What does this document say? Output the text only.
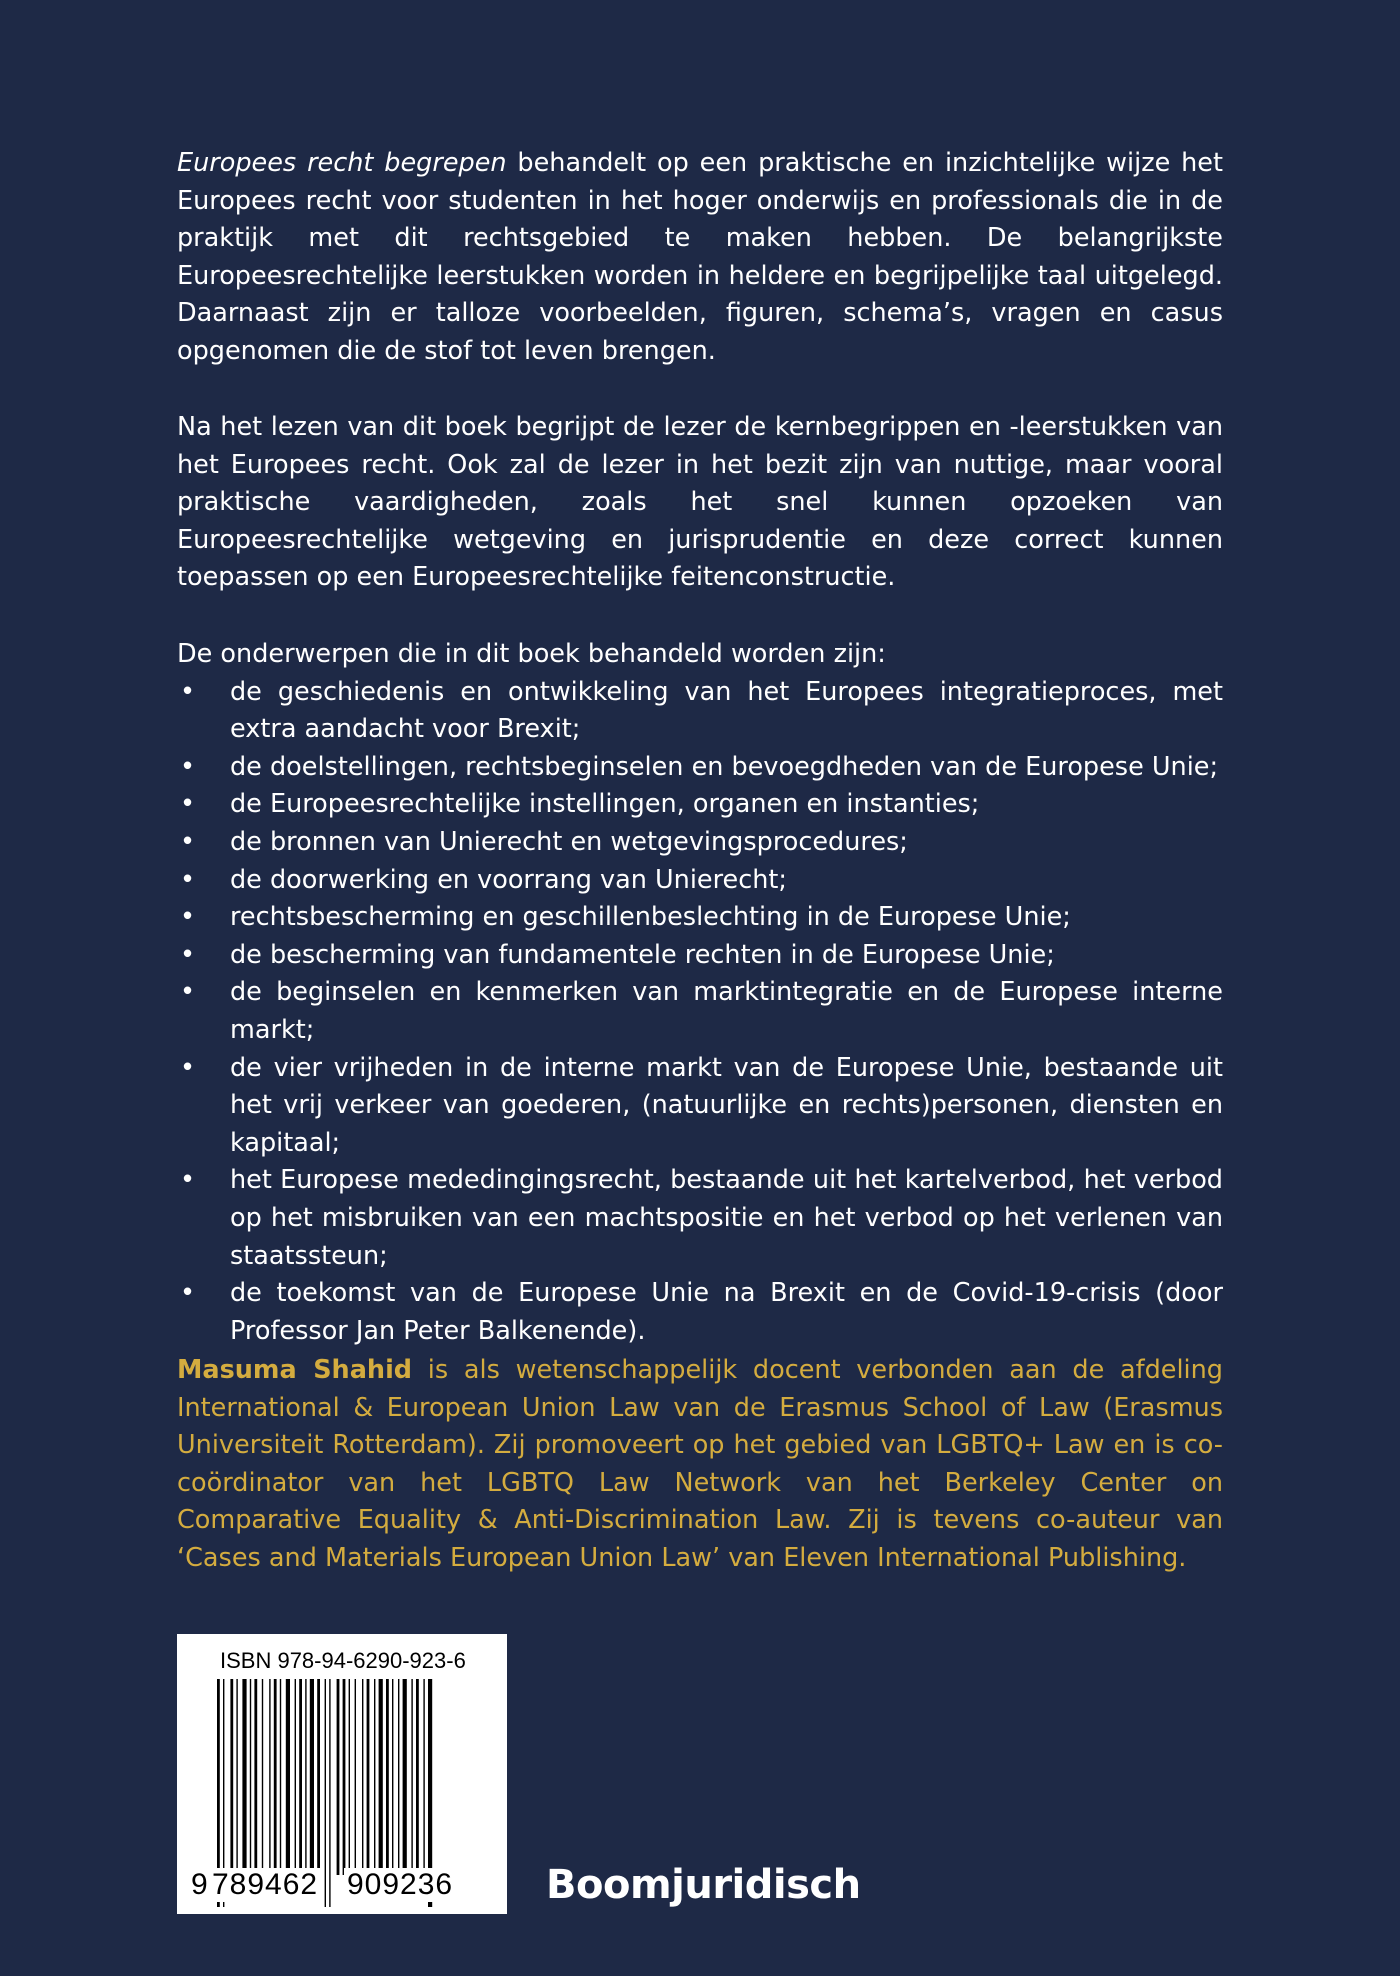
Europees recht begrepen behandelt op een praktische en inzichtelijke wijze het Europees recht voor studenten in het hoger onderwijs en professionals die in de praktijk met dit rechtsgebied te maken hebben. De belangrijkste Europeesrechtelijke leerstukken worden in heldere en begrijpelijke taal uitgelegd. Daarnaast zijn er talloze voorbeelden, figuren, schema’s, vragen en casus opgenomen die de stof tot leven brengen.

Na het lezen van dit boek begrijpt de lezer de kernbegrippen en -leerstukken van het Europees recht. Ook zal de lezer in het bezit zijn van nuttige, maar vooral praktische vaardigheden, zoals het snel kunnen opzoeken van Europeesrechtelijke wetgeving en jurisprudentie en deze correct kunnen toepassen op een Europeesrechtelijke feitenconstructie.

De onderwerpen die in dit boek behandeld worden zijn:

• de geschiedenis en ontwikkeling van het Europees integratieproces, met extra aandacht voor Brexit;
• de doelstellingen, rechtsbeginselen en bevoegdheden van de Europese Unie;
• de Europeesrechtelijke instellingen, organen en instanties;
• de bronnen van Unierecht en wetgevingsprocedures;
• de doorwerking en voorrang van Unierecht;
• rechtsbescherming en geschillenbeslechting in de Europese Unie;
• de bescherming van fundamentele rechten in de Europese Unie;
• de beginselen en kenmerken van marktintegratie en de Europese interne markt;
• de vier vrijheden in de interne markt van de Europese Unie, bestaande uit het vrij verkeer van goederen, (natuurlijke en rechts)personen, diensten en kapitaal;
• het Europese mededingingsrecht, bestaande uit het kartelverbod, het verbod op het misbruiken van een machtspositie en het verbod op het verlenen van staatssteun;
• de toekomst van de Europese Unie na Brexit en de Covid-19-crisis (door Professor Jan Peter Balkenende).

Masuma Shahid is als wetenschappelijk docent verbonden aan de afdeling International & European Union Law van de Erasmus School of Law (Erasmus Universiteit Rotterdam). Zij promoveert op het gebied van LGBTQ+ Law en is co-coördinator van het LGBTQ Law Network van het Berkeley Center on Comparative Equality & Anti-Discrimination Law. Zij is tevens co-auteur van ‘Cases and Materials European Union Law’ van Eleven International Publishing.

ISBN 978-94-6290-923-6
9 789462 909236 Boomjuridisch
